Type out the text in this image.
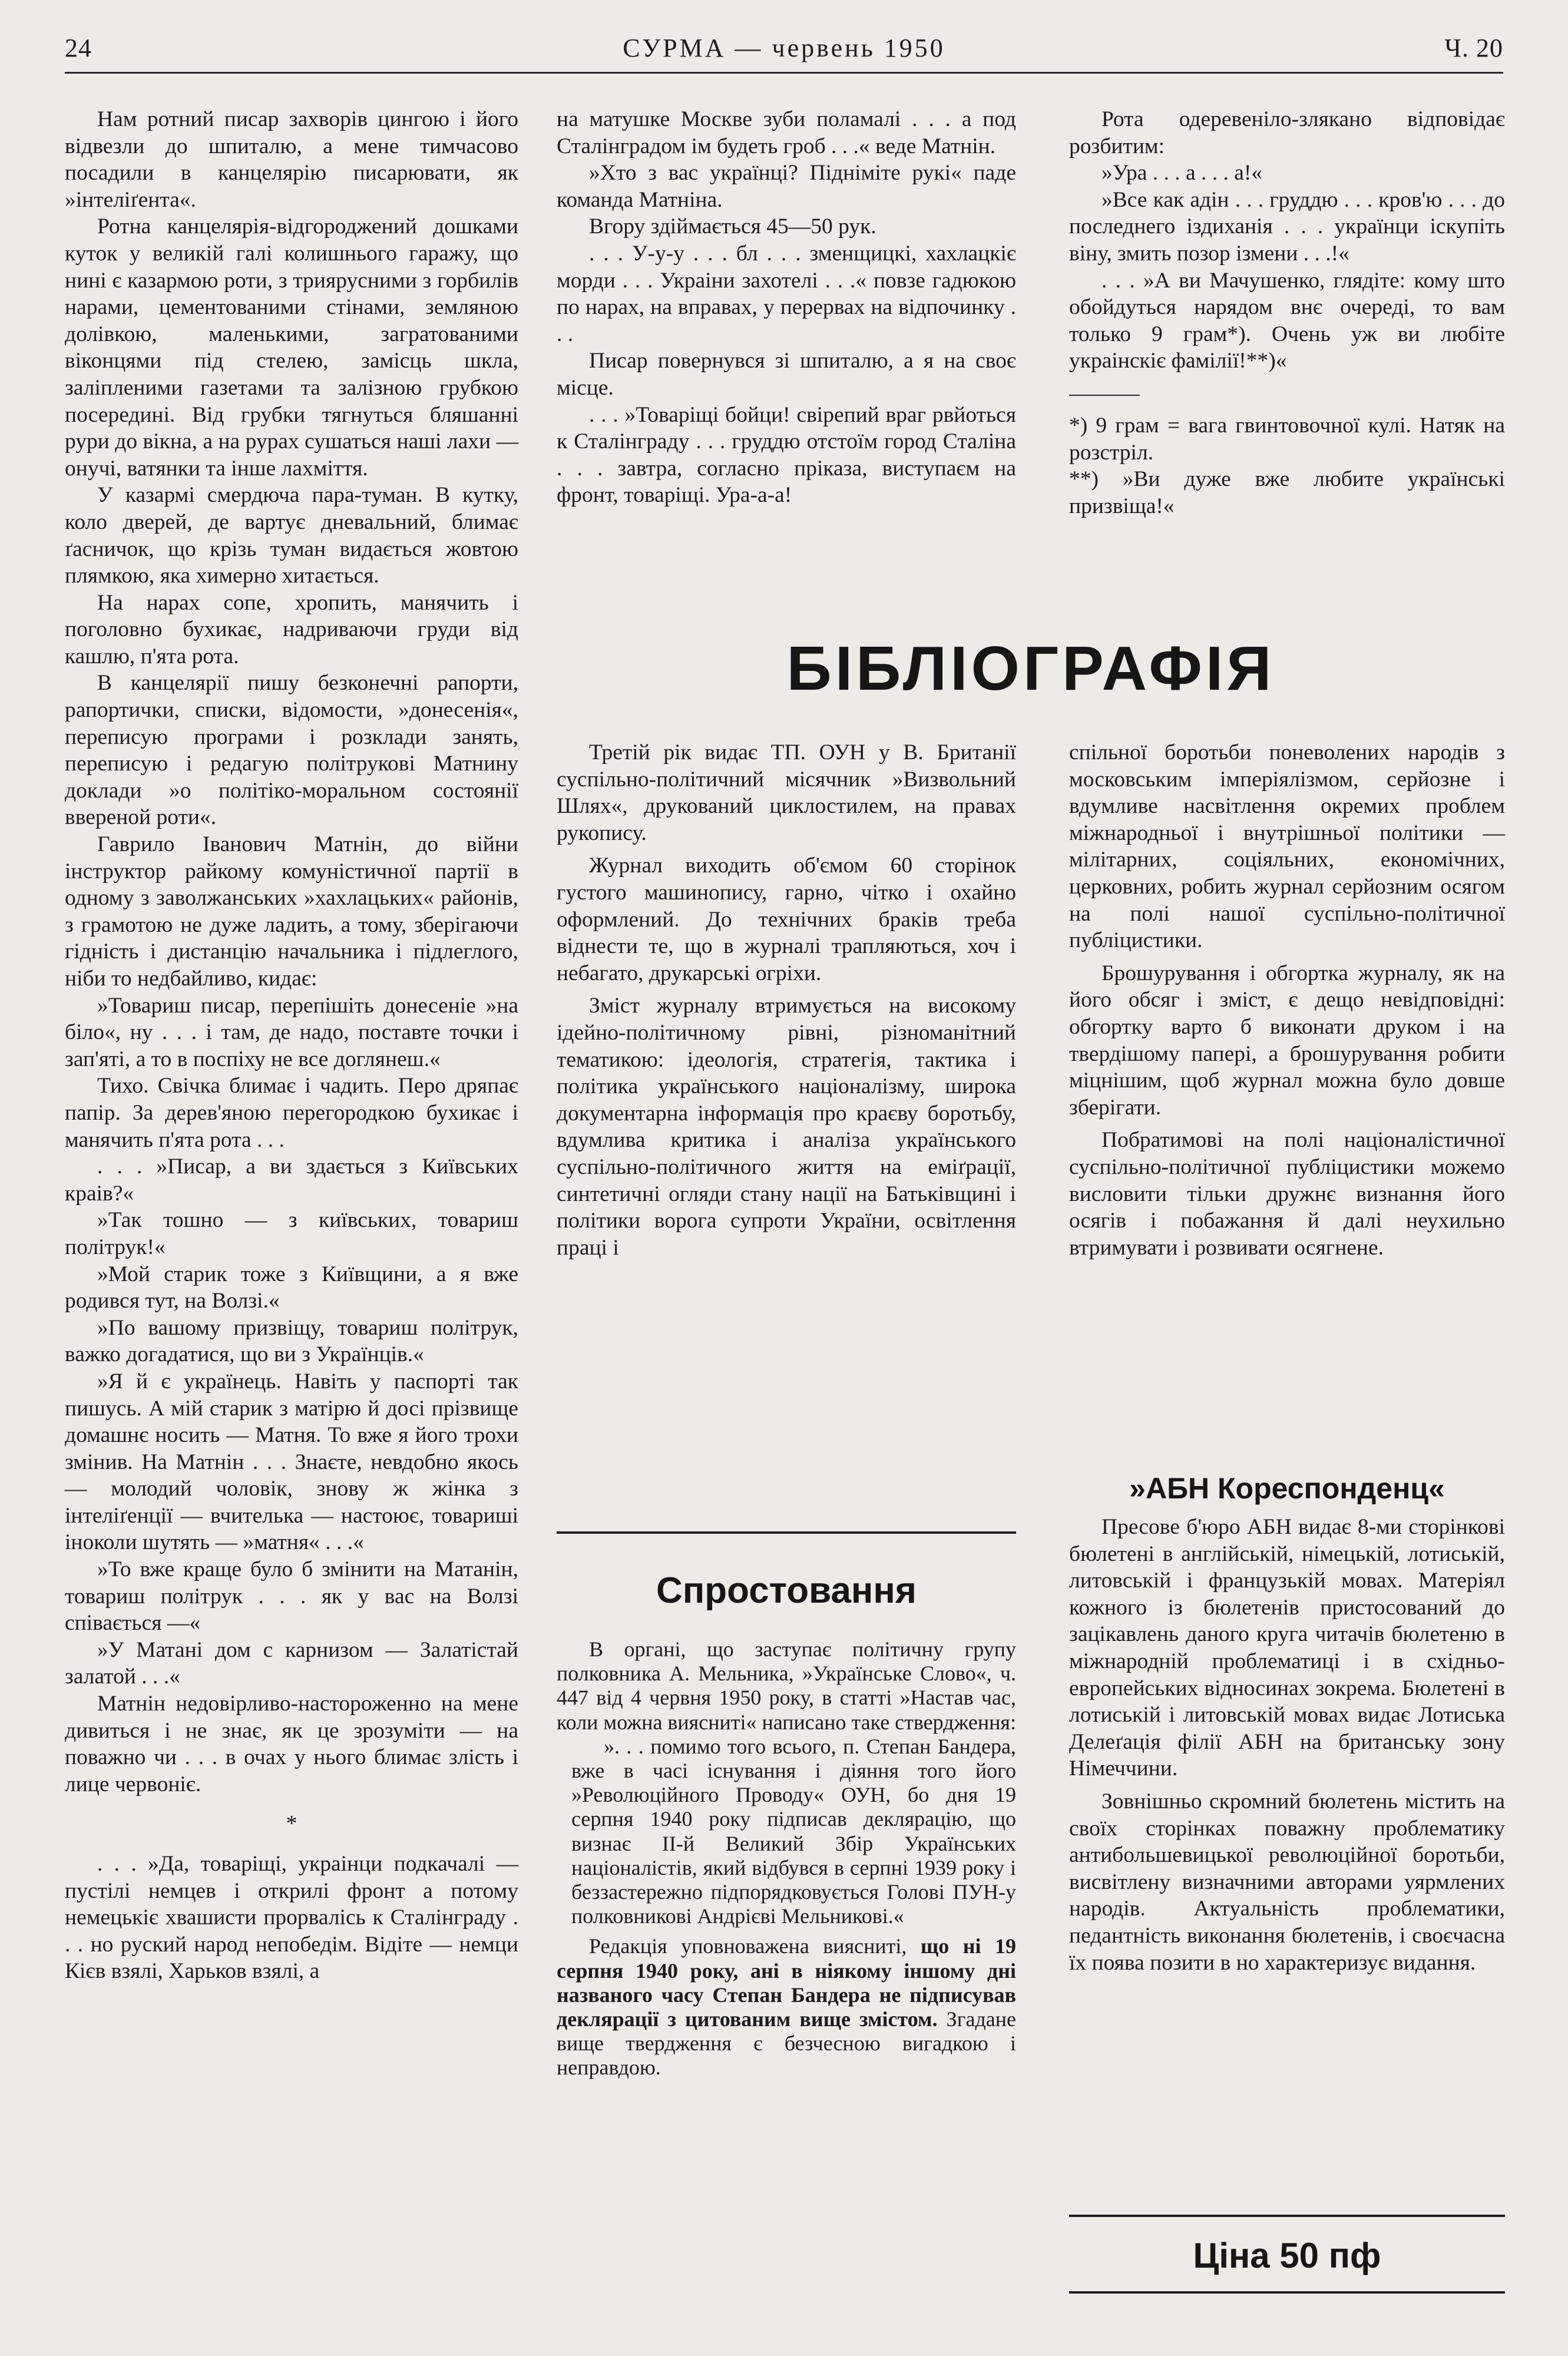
24	СУРМА — червень 1950	Ч. 20

Нам ротний писар захворів цингою і його відвезли до шпиталю, а мене тимчасово посадили в канцелярію писарювати, як »інтеліґента«.

Ротна канцелярія-відгороджений дошками куток у великій галі колишнього гаражу, що нині є казармою роти, з триярусними з горбилів нарами, цементованими стінами, земляною долівкою, маленькими, загратованими віконцями під стелею, замісць шкла, заліпленими газетами та залізною грубкою посередині. Від грубки тягнуться бляшанні рури до вікна, а на рурах сушаться наші лахи — онучі, ватянки та інше лахміття.

У казармі смердюча пара-туман. В кутку, коло дверей, де вартує дневальний, блимає ґасничок, що крізь туман видається жовтою плямкою, яка химерно хитається.

На нарах сопе, хропить, манячить і поголовно бухикає, надриваючи груди від кашлю, п'ята рота.

В канцелярії пишу безконечні рапорти, рапортички, списки, відомости, »донесенія«, переписую програми і розклади занять, переписую і редагую політрукові Матнину доклади »о політіко-моральном состоянії ввереной роти«.

Гаврило Іванович Матнін, до війни інструктор райкому комуністичної партії в одному з заволжанських »хахлацьких« районів, з грамотою не дуже ладить, а тому, зберігаючи гідність і дистанцію начальника і підлеглого, ніби то недбайливо, кидає:

»Товариш писар, перепішіть донесеніе »на біло«, ну . . . і там, де надо, поставте точки і зап'яті, а то в поспіху не все доглянеш.«

Тихо. Свічка блимає і чадить. Перо дряпає папір. За дерев'яною перегородкою бухикає і манячить п'ята рота . . .

. . . »Писар, а ви здається з Київських краів?«

»Так тошно — з київських, товариш політрук!«

»Мой старик тоже з Київщини, а я вже родився тут, на Волзі.«

»По вашому призвіщу, товариш політрук, важко догадатися, що ви з Українців.«

»Я й є українець. Навіть у паспорті так пишусь. А мій старик з матірю й досі прізвище домашнє носить — Матня. То вже я його трохи змінив. На Матнін . . . Знаєте, невдобно якось — молодий чоловік, знову ж жінка з інтеліґенції — вчителька — настоює, товариші іноколи шутять — »матня« . . .«

»То вже краще було б змінити на Матанін, товариш політрук . . . як у вас на Волзі співається —«

»У Матані дом с карнизом — Залатістай залатой . . .«

Матнін недовірливо-настороженно на мене дивиться і не знає, як це зрозуміти — на поважно чи . . . в очах у нього блимає злість і лице червоніє.

*

. . . »Да, товаріщі, украінци подкачалі — пустілі немцев і открилі фронт а потому немецькіє хвашисти прорвалісь к Сталінграду . . . но руский народ непобедім. Відіте — немци Кієв взялі, Харьков взялі, а

на матушке Москве зуби поламалі . . . а под Сталінградом ім будеть гроб . . .« веде Матнін.

»Хто з вас українці? Підніміте рукі« паде команда Матніна.

Вгору здіймається 45—50 рук.

. . . У-у-у . . . бл . . . зменщицкі, хахлацкіє морди . . . Украіни захотелі . . .« повзе гадюкою по нарах, на вправах, у перервах на відпочинку . . .

Писар повернувся зі шпиталю, а я на своє місце.

. . . »Товаріщі бойци! свірепий враг рвйоться к Сталінграду . . . груддю отстоїм город Сталіна . . . завтра, согласно пріказа, виступаєм на фронт, товаріщі. Ура-а-а!

Рота одеревеніло-злякано відповідає розбитим:

»Ура . . . а . . . а!«

»Все как адін . . . груддю . . . кров'ю . . . до последнего іздиханія . . . українци іскупіть віну, змить позор ізмени . . .!«

. . . »А ви Мачушенко, глядіте: кому што обойдуться нарядом внє очереді, то вам только 9 грам*). Очень уж ви любіте украінскіє фамілії!**)«

*) 9 грам = вага гвинтовочної кулі. Натяк на розстріл.

**) »Ви дуже вже любите українські призвіща!«

БІБЛІОГРАФІЯ

Третій рік видає ТП. ОУН у В. Британії суспільно-політичний місячник »Визвольний Шлях«, друкований циклостилем, на правах рукопису.

Журнал виходить об'ємом 60 сторінок густого машинопису, гарно, чітко і охайно оформлений. До технічних браків треба віднести те, що в журналі трапляються, хоч і небагато, друкарські огріхи.

Зміст журналу втримується на високому ідейно-політичному рівні, різноманітний тематикою: ідеологія, стратегія, тактика і політика українського націоналізму, широка документарна інформація про краєву боротьбу, вдумлива критика і аналіза українського суспільно-політичного життя на еміґрації, синтетичні огляди стану нації на Батьківщині і політики ворога супроти України, освітлення праці і

спільної боротьби поневолених народів з московським імперіялізмом, серйозне і вдумливе насвітлення окремих проблем міжнародньої і внутрішньої політики — мілітарних, соціяльних, економічних, церковних, робить журнал серйозним осягом на полі нашої суспільно-політичної публіцистики.

Брошурування і обгортка журналу, як на його обсяг і зміст, є дещо невідповідні: обгортку варто б виконати друком і на твердішому папері, а брошурування робити міцнішим, щоб журнал можна було довше зберігати.

Побратимові на полі націоналістичної суспільно-політичної публіцистики можемо висловити тільки дружнє визнання його осягів і побажання й далі неухильно втримувати і розвивати осягнене.

Спростовання

В органі, що заступає політичну групу полковника А. Мельника, »Українське Слово«, ч. 447 від 4 червня 1950 року, в статті »Настав час, коли можна виясниті« написано таке ствердження:

». . . помимо того всього, п. Степан Бандера, вже в часі існування і діяння того його »Революційного Проводу« ОУН, бо дня 19 серпня 1940 року підписав деклярацію, що визнає ІІ-й Великий Збір Українських націоналістів, який відбувся в серпні 1939 року і беззастережно підпорядковується Голові ПУН-у полковникові Андрієві Мельникові.«

Редакція уповноважена виясниті, що ні 19 серпня 1940 року, ані в ніякому іншому дні названого часу Степан Бандера не підписував деклярації з цитованим вище змістом. Згадане вище твердження є безчесною вигадкою і неправдою.

»АБН Кореспонденц«

Пресове б'юро АБН видає 8-ми сторінкові бюлетені в англійській, німецькій, лотиській, литовській і французькій мовах. Матеріял кожного із бюлетенів пристосований до зацікавлень даного круга читачів бюлетеню в міжнародній проблематиці і в східньо-европейських відносинах зокрема. Бюлетені в лотиській і литовській мовах видає Лотиська Делеґація філії АБН на британську зону Німеччини.

Зовнішньо скромний бюлетень містить на своїх сторінках поважну проблематику антибольшевицької революційної боротьби, висвітлену визначними авторами уярмлених народів. Актуальність проблематики, педантність виконання бюлетенів, і своєчасна їх поява позити в но характеризує видання.

Ціна 50 пф
